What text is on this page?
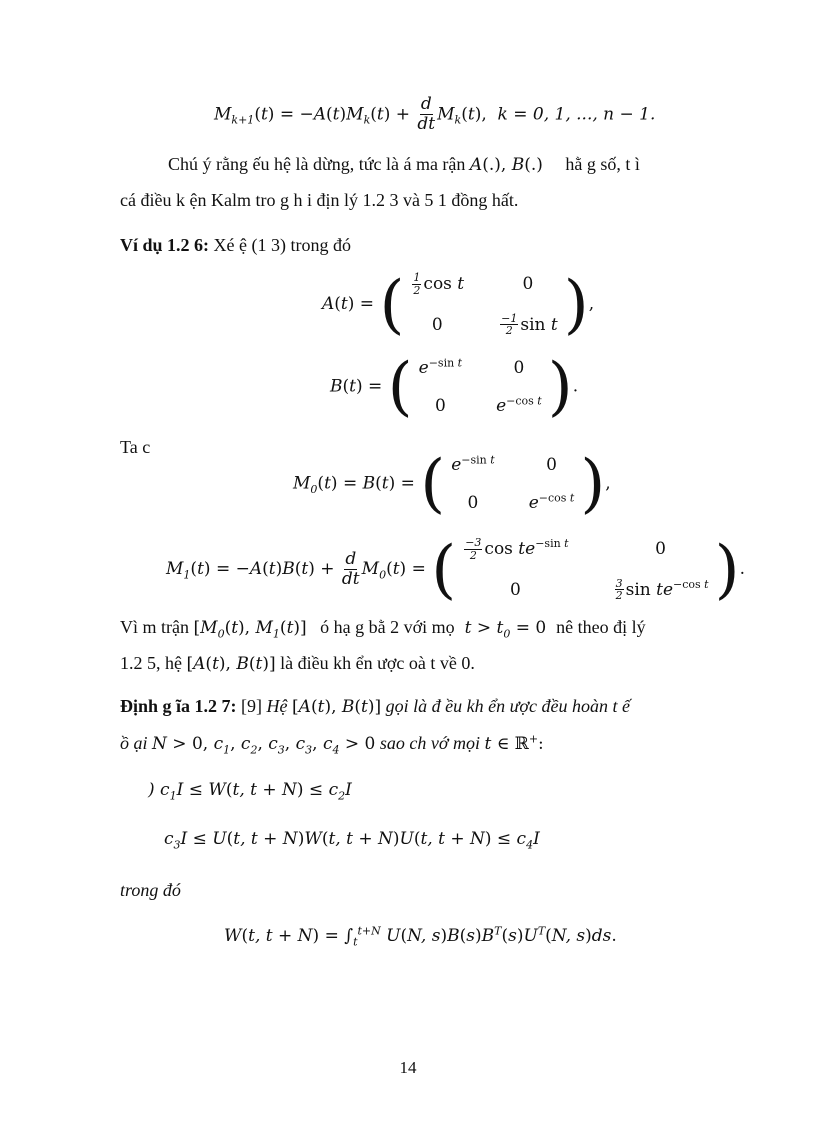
$M_{k+1}(t) = -A(t)M_k(t) + \frac{d}{dt} M_k(t)$,  k = 0, 1, ..., n − 1.
Chú ý rằng ếu hệ là dừng, tức là á ma rận A(.), B(.) hằ g số, t ì
cá điều k ện Kalm tro g h i địn lý 1.2 3 và 5 1 đồng hất.
Ví dụ 1.2 6: Xé ệ (1 3) trong đó
A(t) = ( $\frac{1}{2}$ cos t	0
0	$\frac{-1}{2}$ sin t ) ,
B(t) = ( $e^{-sin t}$	0
0	$e^{-cos t}$ ) .
Ta c
$M_0(t) = B(t)$ = ( $e^{-sin t}$	0
0	$e^{-cos t}$ ) ,
$M_1(t) = -A(t)B(t) + \frac{d}{dt} M_0(t)$ = ( $\frac{-3}{2}$ $\cos te^{-sin t}$	0
0	$\frac{3}{2}$ $\sin te^{-cos t}$ ) .
Vì m trận [$M_0(t)$, $M_1(t)$] ó hạ g bằ 2 với mọ  $t > t_0 = 0$ nê theo đị lý
1.2 5, hệ [A(t), B(t)] là điều kh ển ược oà t về 0.
Định g ĩa 1.2 7: [9] Hệ [A(t), B(t)] gọi là đ ều kh ển ược đều hoàn t ế
ồ ại N > 0, $c_1$, $c_2$, $c_3$, $c_3$, $c_4 > 0$ sao ch vớ mọi t ∈ ℝ+:
) $c_1I \le W(t$, $t + N) \le c_2I$
$c_3I \le U(t$, t + N)W(t, t + N)U(t, $t + N) \le c_4I$
trong đó
W(t, $t + N) = \int_t^{t+N}$ U(N, $s)B(s)B^T(s)U^T(N$, s)ds.
14
